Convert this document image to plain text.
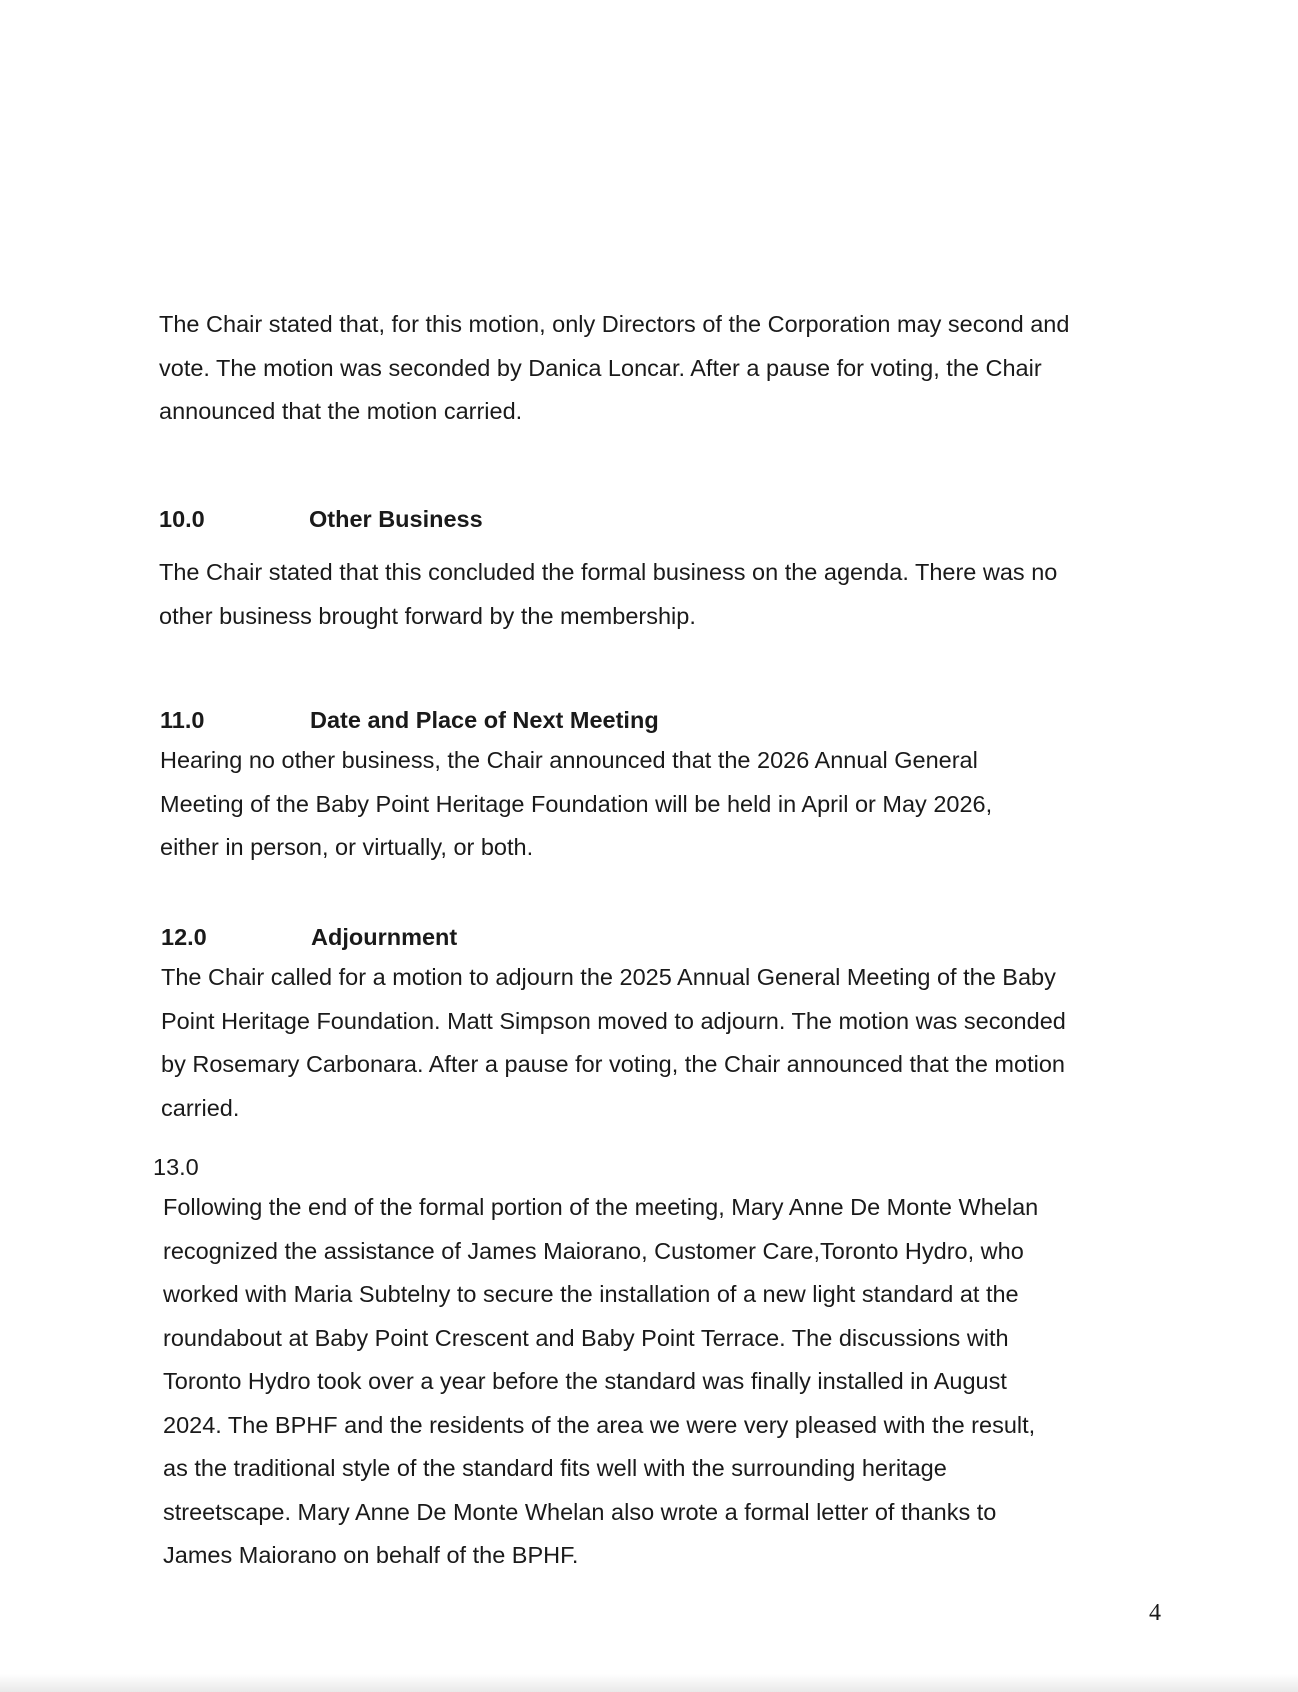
The Chair stated that, for this motion, only Directors of the Corporation may second and
vote. The motion was seconded by Danica Loncar. After a pause for voting, the Chair
announced that the motion carried.
10.0	Other Business
The Chair stated that this concluded the formal business on the agenda. There was no
other business brought forward by the membership.
11.0	Date and Place of Next Meeting
Hearing no other business, the Chair announced that the 2026 Annual General
Meeting of the Baby Point Heritage Foundation will be held in April or May 2026,
either in person, or virtually, or both.
12.0	Adjournment
The Chair called for a motion to adjourn the 2025 Annual General Meeting of the Baby
Point Heritage Foundation. Matt Simpson moved to adjourn. The motion was seconded
by Rosemary Carbonara. After a pause for voting, the Chair announced that the motion
carried.
13.0
Following the end of the formal portion of the meeting, Mary Anne De Monte Whelan
recognized the assistance of James Maiorano, Customer Care,Toronto Hydro, who
worked with Maria Subtelny to secure the installation of a new light standard at the
roundabout at Baby Point Crescent and Baby Point Terrace. The discussions with
Toronto Hydro took over a year before the standard was finally installed in August
2024. The BPHF and the residents of the area we were very pleased with the result,
as the traditional style of the standard fits well with the surrounding heritage
streetscape. Mary Anne De Monte Whelan also wrote a formal letter of thanks to
James Maiorano on behalf of the BPHF.
4
